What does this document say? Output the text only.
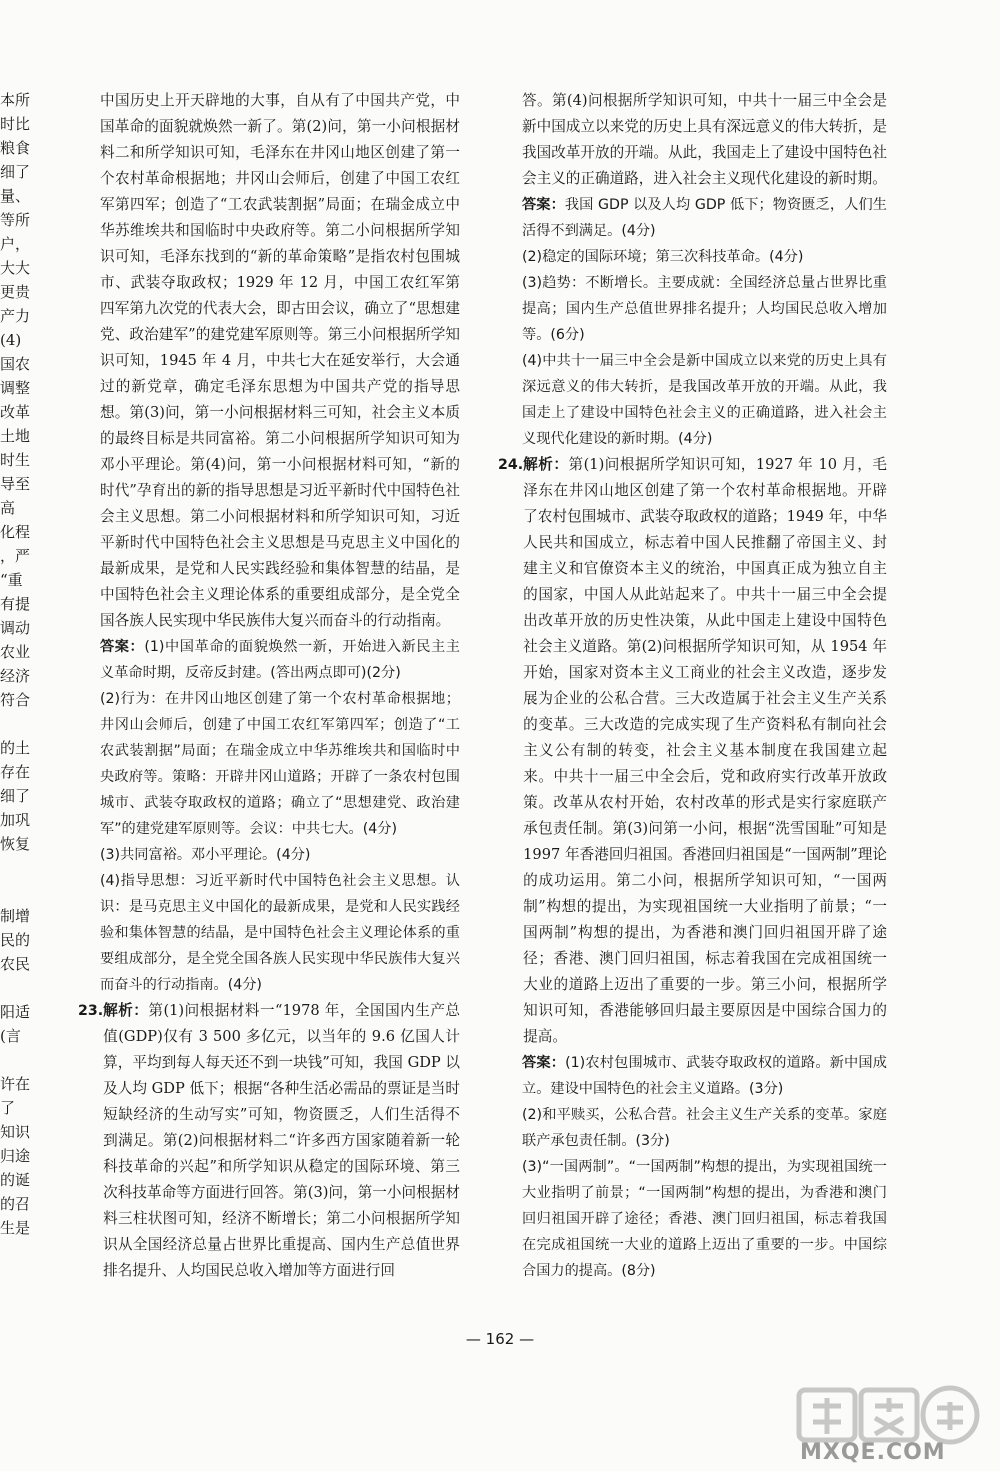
本所
时比
粮食
细了
量、
等所
户，
大大
更贵
产力
(4)
国农
调整
改革
土地
时生
导至
高
化程
，严
“重
有提
调动
农业
经济
符合
的土
存在
细了
加巩
恢复
制增
民的
农民
阳适
(言
许在
了
知识
归途
的诞
的召
生是

中国历史上开天辟地的大事，自从有了中国共产党，中国革命的面貌就焕然一新了。第(2)问，第一小问根据材料二和所学知识可知，毛泽东在井冈山地区创建了第一个农村革命根据地；井冈山会师后，创建了中国工农红军第四军；创造了“工农武装割据”局面；在瑞金成立中华苏维埃共和国临时中央政府等。第二小问根据所学知识可知，毛泽东找到的“新的革命策略”是指农村包围城市、武装夺取政权；1929 年 12 月，中国工农红军第四军第九次党的代表大会，即古田会议，确立了“思想建党、政治建军”的建党建军原则等。第三小问根据所学知识可知，1945 年 4 月，中共七大在延安举行，大会通过的新党章，确定毛泽东思想为中国共产党的指导思想。第(3)问，第一小问根据材料三可知，社会主义本质的最终目标是共同富裕。第二小问根据所学知识可知为邓小平理论。第(4)问，第一小问根据材料可知，“新的时代”孕育出的新的指导思想是习近平新时代中国特色社会主义思想。第二小问根据材料和所学知识可知，习近平新时代中国特色社会主义思想是马克思主义中国化的最新成果，是党和人民实践经验和集体智慧的结晶，是中国特色社会主义理论体系的重要组成部分，是全党全国各族人民实现中华民族伟大复兴而奋斗的行动指南。

答案：(1)中国革命的面貌焕然一新，开始进入新民主主义革命时期，反帝反封建。(答出两点即可)(2分)

(2)行为：在井冈山地区创建了第一个农村革命根据地；井冈山会师后，创建了中国工农红军第四军；创造了“工农武装割据”局面；在瑞金成立中华苏维埃共和国临时中央政府等。策略：开辟井冈山道路；开辟了一条农村包围城市、武装夺取政权的道路；确立了“思想建党、政治建军”的建党建军原则等。会议：中共七大。(4分)

(3)共同富裕。邓小平理论。(4分)

(4)指导思想：习近平新时代中国特色社会主义思想。认识：是马克思主义中国化的最新成果，是党和人民实践经验和集体智慧的结晶，是中国特色社会主义理论体系的重要组成部分，是全党全国各族人民实现中华民族伟大复兴而奋斗的行动指南。(4分)

23. 解析：第(1)问根据材料一“1978 年，全国国内生产总值(GDP)仅有 3 500 多亿元，以当年的 9.6 亿国人计算，平均到每人每天还不到一块钱”可知，我国 GDP 以及人均 GDP 低下；根据“各种生活必需品的票证是当时短缺经济的生动写实”可知，物资匮乏，人们生活得不到满足。第(2)问根据材料二“许多西方国家随着新一轮科技革命的兴起”和所学知识从稳定的国际环境、第三次科技革命等方面进行回答。第(3)问，第一小问根据材料三柱状图可知，经济不断增长；第二小问根据所学知识从全国经济总量占世界比重提高、国内生产总值世界排名提升、人均国民总收入增加等方面进行回

答。第(4)问根据所学知识可知，中共十一届三中全会是新中国成立以来党的历史上具有深远意义的伟大转折，是我国改革开放的开端。从此，我国走上了建设中国特色社会主义的正确道路，进入社会主义现代化建设的新时期。

答案：我国 GDP 以及人均 GDP 低下；物资匮乏，人们生活得不到满足。(4分)

(2)稳定的国际环境；第三次科技革命。(4分)

(3)趋势：不断增长。主要成就：全国经济总量占世界比重提高；国内生产总值世界排名提升；人均国民总收入增加等。(6分)

(4)中共十一届三中全会是新中国成立以来党的历史上具有深远意义的伟大转折，是我国改革开放的开端。从此，我国走上了建设中国特色社会主义的正确道路，进入社会主义现代化建设的新时期。(4分)

24. 解析：第(1)问根据所学知识可知，1927 年 10 月，毛泽东在井冈山地区创建了第一个农村革命根据地。开辟了农村包围城市、武装夺取政权的道路；1949 年，中华人民共和国成立，标志着中国人民推翻了帝国主义、封建主义和官僚资本主义的统治，中国真正成为独立自主的国家，中国人从此站起来了。中共十一届三中全会提出改革开放的历史性决策，从此中国走上建设中国特色社会主义道路。第(2)问根据所学知识可知，从 1954 年开始，国家对资本主义工商业的社会主义改造，逐步发展为企业的公私合营。三大改造属于社会主义生产关系的变革。三大改造的完成实现了生产资料私有制向社会主义公有制的转变，社会主义基本制度在我国建立起来。中共十一届三中全会后，党和政府实行改革开放政策。改革从农村开始，农村改革的形式是实行家庭联产承包责任制。第(3)问第一小问，根据“洗雪国耻”可知是 1997 年香港回归祖国。香港回归祖国是“一国两制”理论的成功运用。第二小问，根据所学知识可知，“一国两制”构想的提出，为实现祖国统一大业指明了前景；“一国两制”构想的提出，为香港和澳门回归祖国开辟了途径；香港、澳门回归祖国，标志着我国在完成祖国统一大业的道路上迈出了重要的一步。第三小问，根据所学知识可知，香港能够回归最主要原因是中国综合国力的提高。

答案：(1)农村包围城市、武装夺取政权的道路。新中国成立。建设中国特色的社会主义道路。(3分)

(2)和平赎买，公私合营。社会主义生产关系的变革。家庭联产承包责任制。(3分)

(3)“一国两制”。“一国两制”构想的提出，为实现祖国统一大业指明了前景；“一国两制”构想的提出，为香港和澳门回归祖国开辟了途径；香港、澳门回归祖国，标志着我国在完成祖国统一大业的道路上迈出了重要的一步。中国综合国力的提高。(8分)

— 162 —
MXQE.COM
